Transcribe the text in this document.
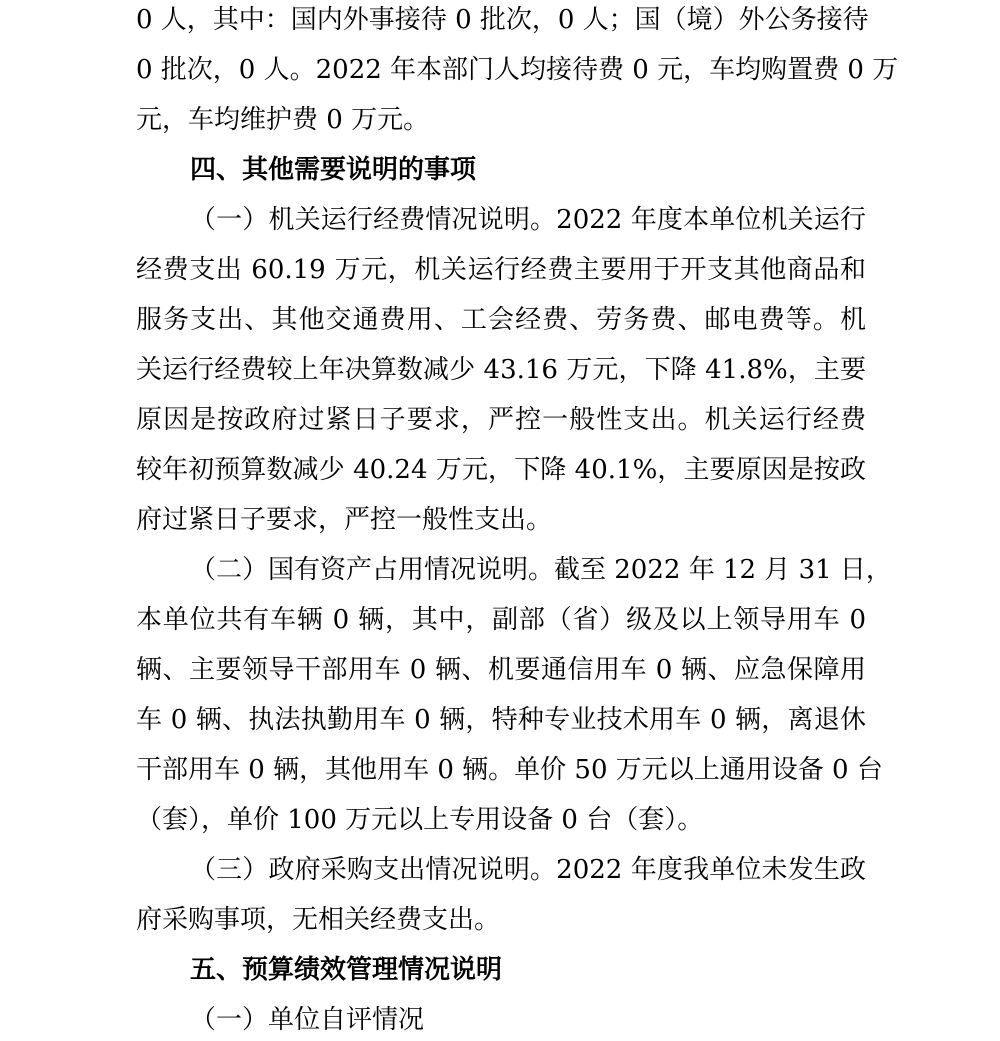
0 人，其中：国内外事接待 0 批次，0 人；国（境）外公务接待
0 批次，0 人。2022 年本部门人均接待费 0 元，车均购置费 0 万
元，车均维护费 0 万元。
四、其他需要说明的事项
（一）机关运行经费情况说明。2022 年度本单位机关运行
经费支出 60.19 万元，机关运行经费主要用于开支其他商品和
服务支出、其他交通费用、工会经费、劳务费、邮电费等。机
关运行经费较上年决算数减少 43.16 万元，下降 41.8%，主要
原因是按政府过紧日子要求，严控一般性支出。机关运行经费
较年初预算数减少 40.24 万元，下降 40.1%，主要原因是按政
府过紧日子要求，严控一般性支出。
（二）国有资产占用情况说明。截至 2022 年 12 月 31 日，
本单位共有车辆 0 辆，其中，副部（省）级及以上领导用车 0
辆、主要领导干部用车 0 辆、机要通信用车 0 辆、应急保障用
车 0 辆、执法执勤用车 0 辆，特种专业技术用车 0 辆，离退休
干部用车 0 辆，其他用车 0 辆。单价 50 万元以上通用设备 0 台
（套），单价 100 万元以上专用设备 0 台（套）。
（三）政府采购支出情况说明。2022 年度我单位未发生政
府采购事项，无相关经费支出。
五、预算绩效管理情况说明
（一）单位自评情况
